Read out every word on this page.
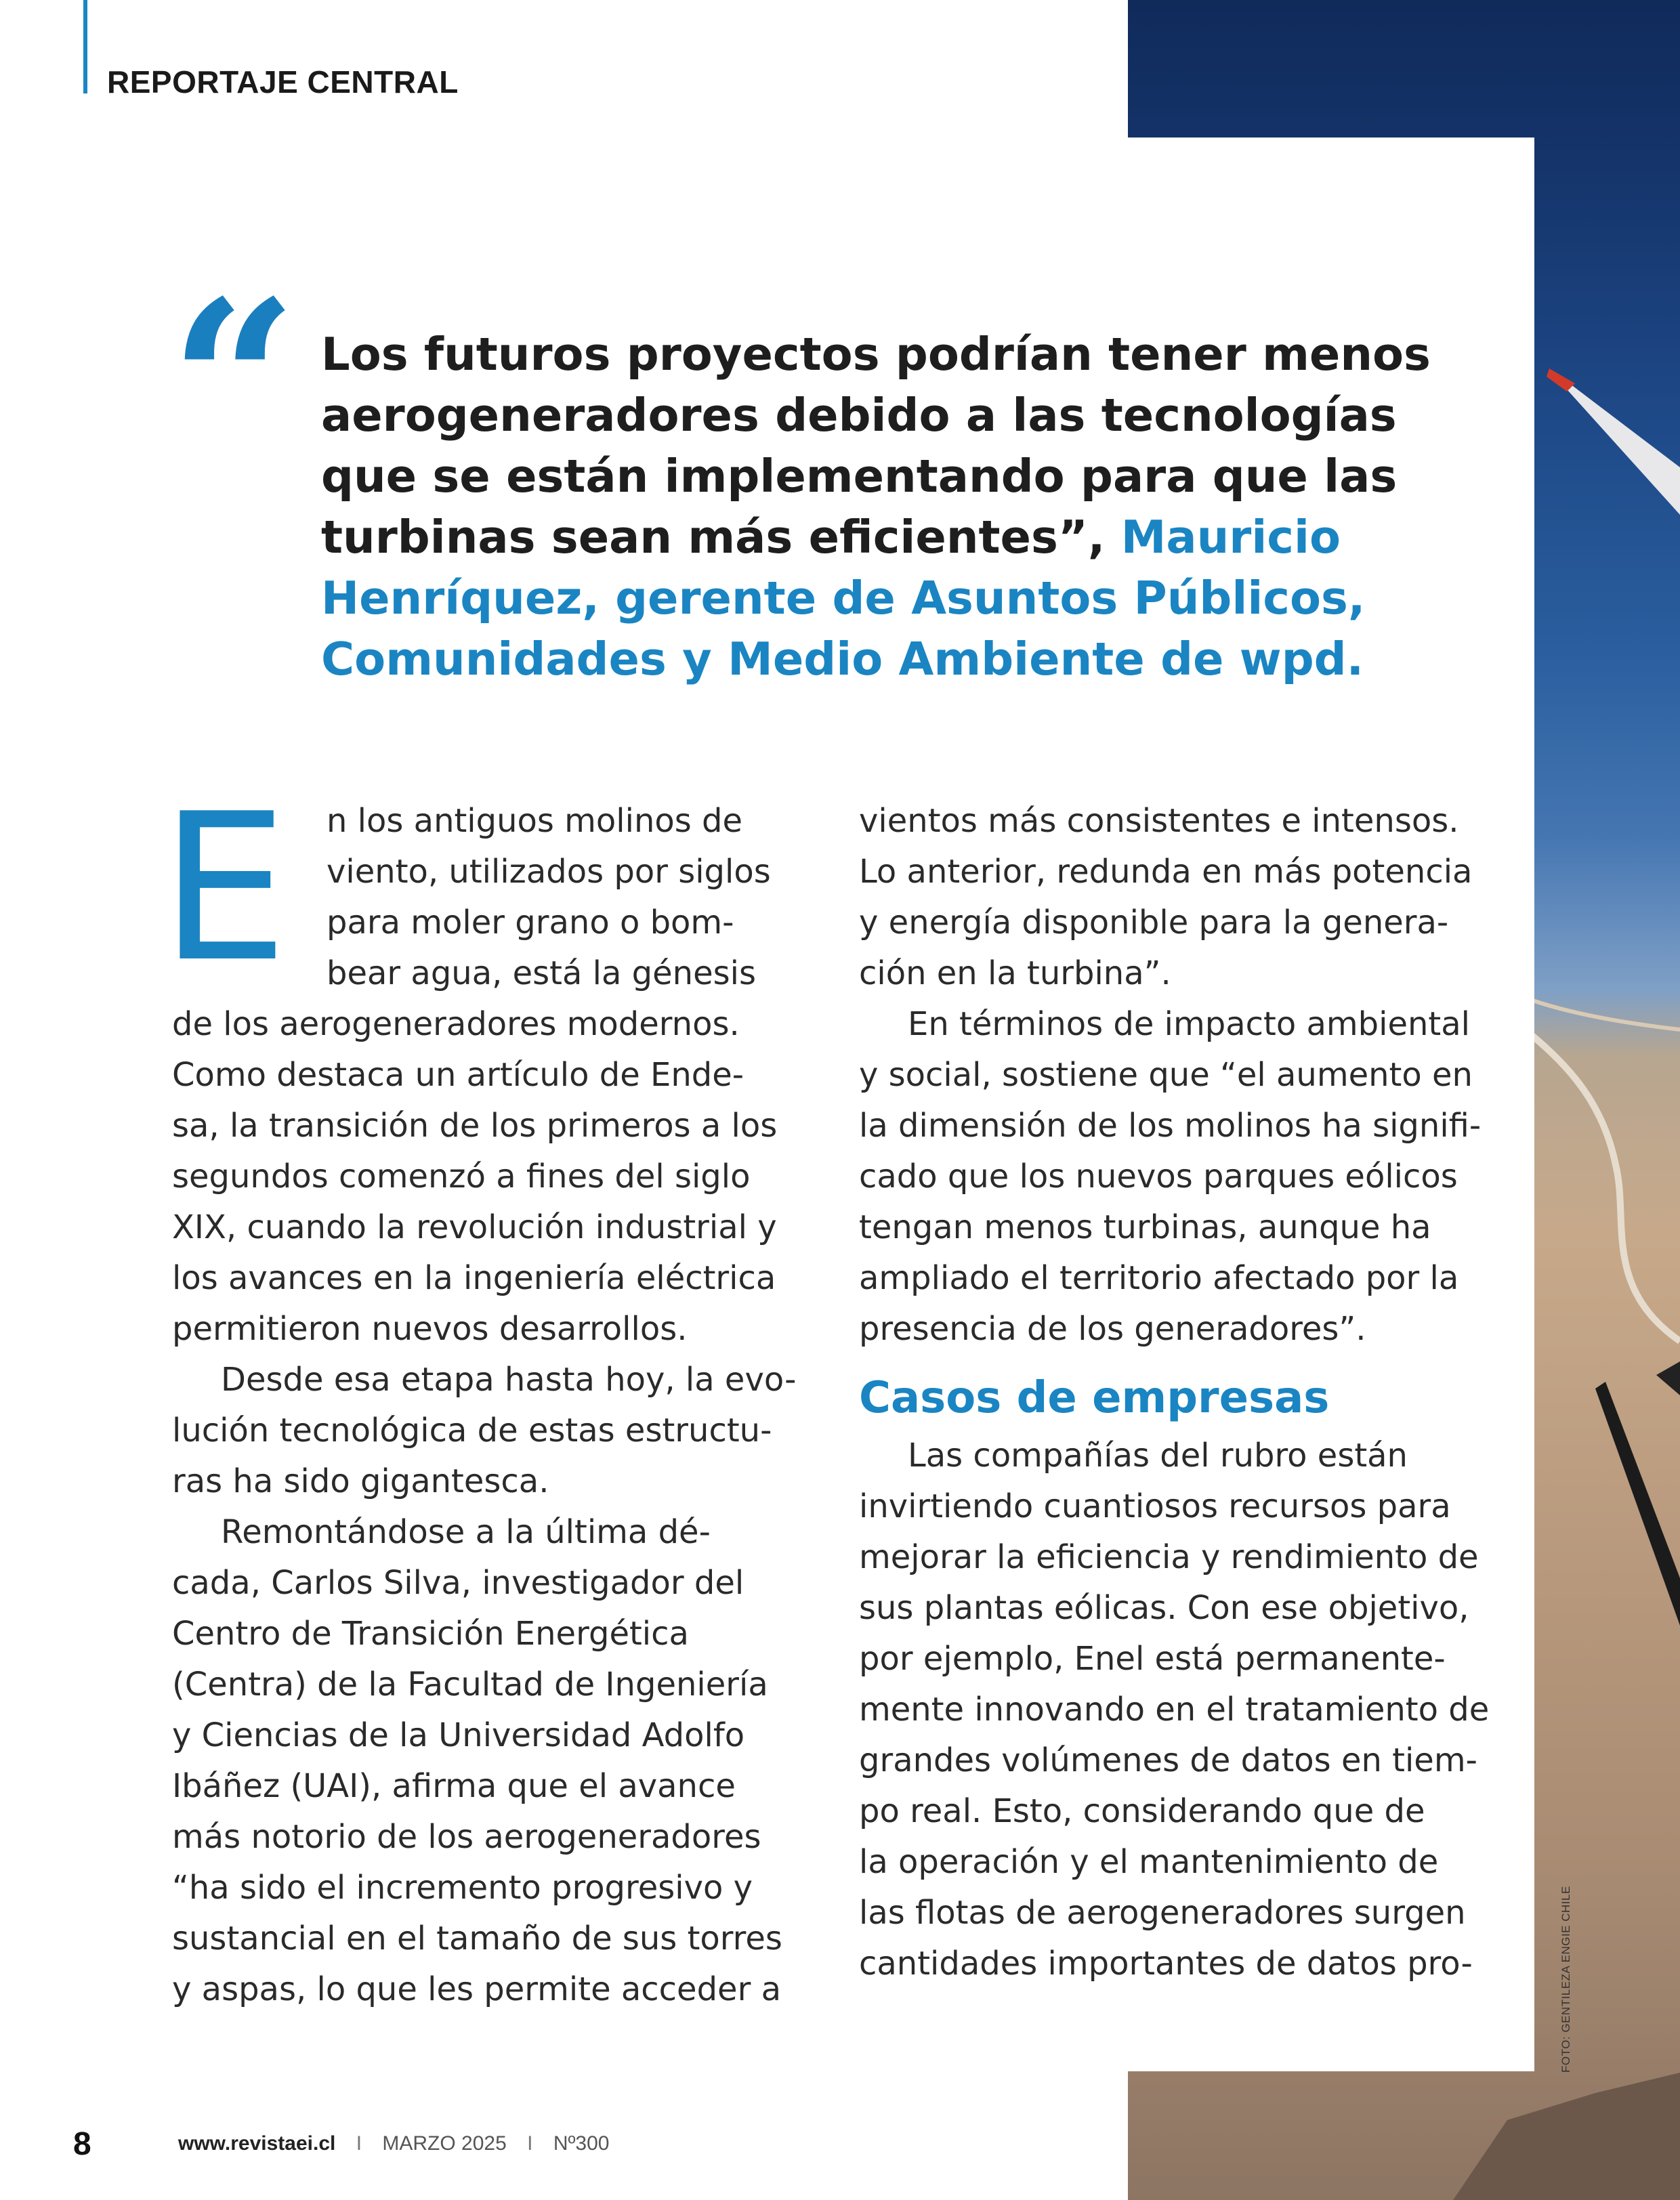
REPORTAJE CENTRAL
“ Los futuros proyectos podrían tener menos aerogeneradores debido a las tecnologías que se están implementando para que las turbinas sean más eficientes”, Mauricio Henríquez, gerente de Asuntos Públicos, Comunidades y Medio Ambiente de wpd.
E	n los antiguos molinos de
viento, utilizados por siglos
para moler grano o bom-
bear agua, está la génesis
de los aerogeneradores modernos.
Como destaca un artículo de Ende-
sa, la transición de los primeros a los
segundos comenzó a fines del siglo
XIX, cuando la revolución industrial y
los avances en la ingeniería eléctrica
permitieron nuevos desarrollos.

Desde esa etapa hasta hoy, la evo-
lución tecnológica de estas estructu-
ras ha sido gigantesca.

Remontándose a la última dé-
cada, Carlos Silva, investigador del
Centro de Transición Energética
(Centra) de la Facultad de Ingeniería
y Ciencias de la Universidad Adolfo
Ibáñez (UAI), afirma que el avance
más notorio de los aerogeneradores
“ha sido el incremento progresivo y
sustancial en el tamaño de sus torres
y aspas, lo que les permite acceder a

vientos más consistentes e intensos.
Lo anterior, redunda en más potencia
y energía disponible para la genera-
ción en la turbina”.

En términos de impacto ambiental
y social, sostiene que “el aumento en
la dimensión de los molinos ha signifi-
cado que los nuevos parques eólicos
tengan menos turbinas, aunque ha
ampliado el territorio afectado por la
presencia de los generadores”.

Casos de empresas

Las compañías del rubro están
invirtiendo cuantiosos recursos para
mejorar la eficiencia y rendimiento de
sus plantas eólicas. Con ese objetivo,
por ejemplo, Enel está permanente-
mente innovando en el tratamiento de
grandes volúmenes de datos en tiem-
po real. Esto, considerando que de
la operación y el mantenimiento de
las flotas de aerogeneradores surgen
cantidades importantes de datos pro-	FOTO: GENTILEZA ENGIE CHILE
8	www.revistaei.cl I MARZO 2025 I Nº300
